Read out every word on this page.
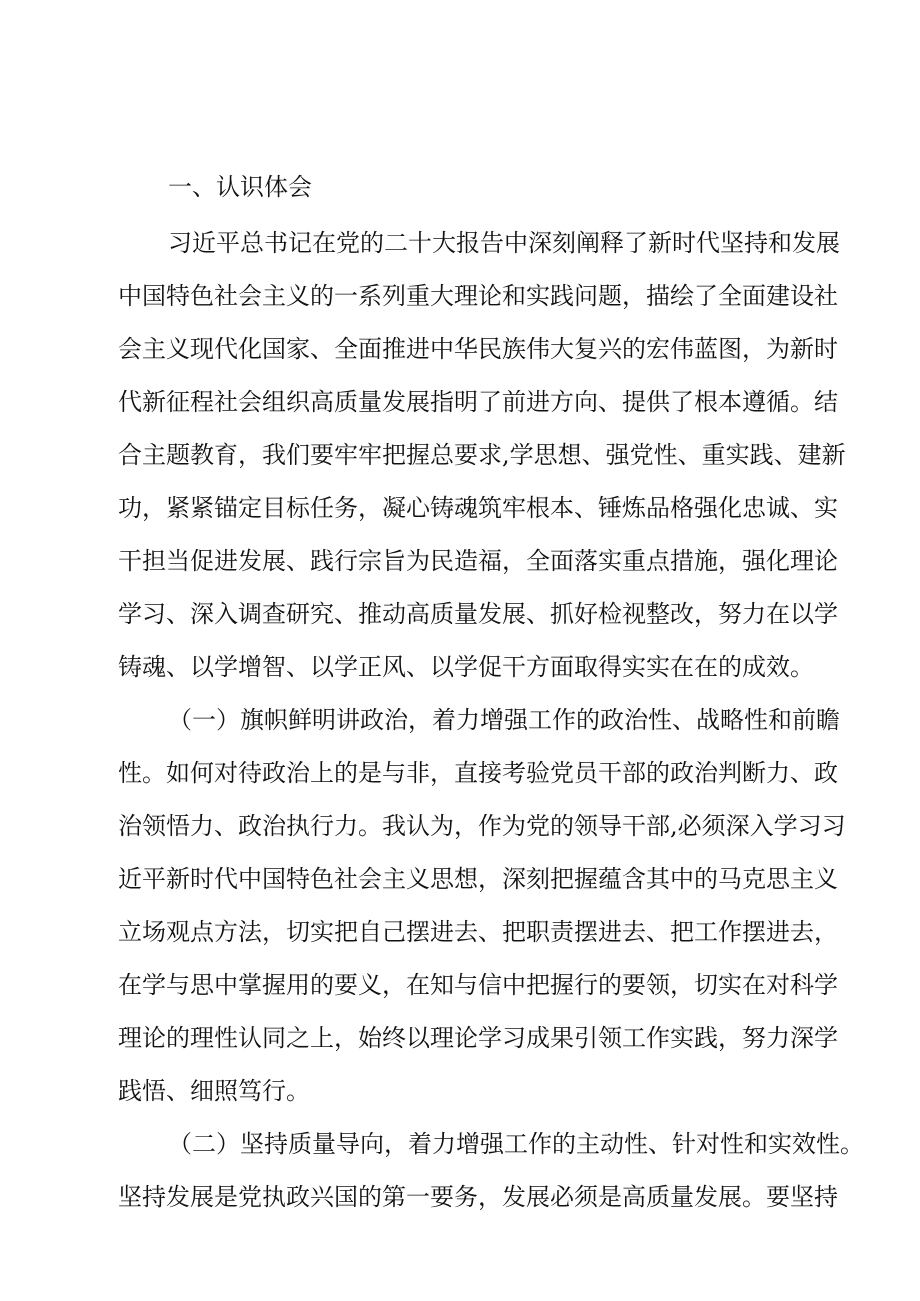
一、认识体会
习近平总书记在党的二十大报告中深刻阐释了新时代坚持和发展
中国特色社会主义的一系列重大理论和实践问题，描绘了全面建设社
会主义现代化国家、全面推进中华民族伟大复兴的宏伟蓝图，为新时
代新征程社会组织高质量发展指明了前进方向、提供了根本遵循。结
合主题教育，我们要牢牢把握总要求,学思想、强党性、重实践、建新
功，紧紧锚定目标任务，凝心铸魂筑牢根本、锤炼品格强化忠诚、实
干担当促进发展、践行宗旨为民造福，全面落实重点措施，强化理论
学习、深入调查研究、推动高质量发展、抓好检视整改，努力在以学
铸魂、以学增智、以学正风、以学促干方面取得实实在在的成效。
（一）旗帜鲜明讲政治，着力增强工作的政治性、战略性和前瞻
性。如何对待政治上的是与非，直接考验党员干部的政治判断力、政
治领悟力、政治执行力。我认为，作为党的领导干部,必须深入学习习
近平新时代中国特色社会主义思想，深刻把握蕴含其中的马克思主义
立场观点方法，切实把自己摆进去、把职责摆进去、把工作摆进去，
在学与思中掌握用的要义，在知与信中把握行的要领，切实在对科学
理论的理性认同之上，始终以理论学习成果引领工作实践，努力深学
践悟、细照笃行。
（二）坚持质量导向，着力增强工作的主动性、针对性和实效性。
坚持发展是党执政兴国的第一要务，发展必须是高质量发展。要坚持
